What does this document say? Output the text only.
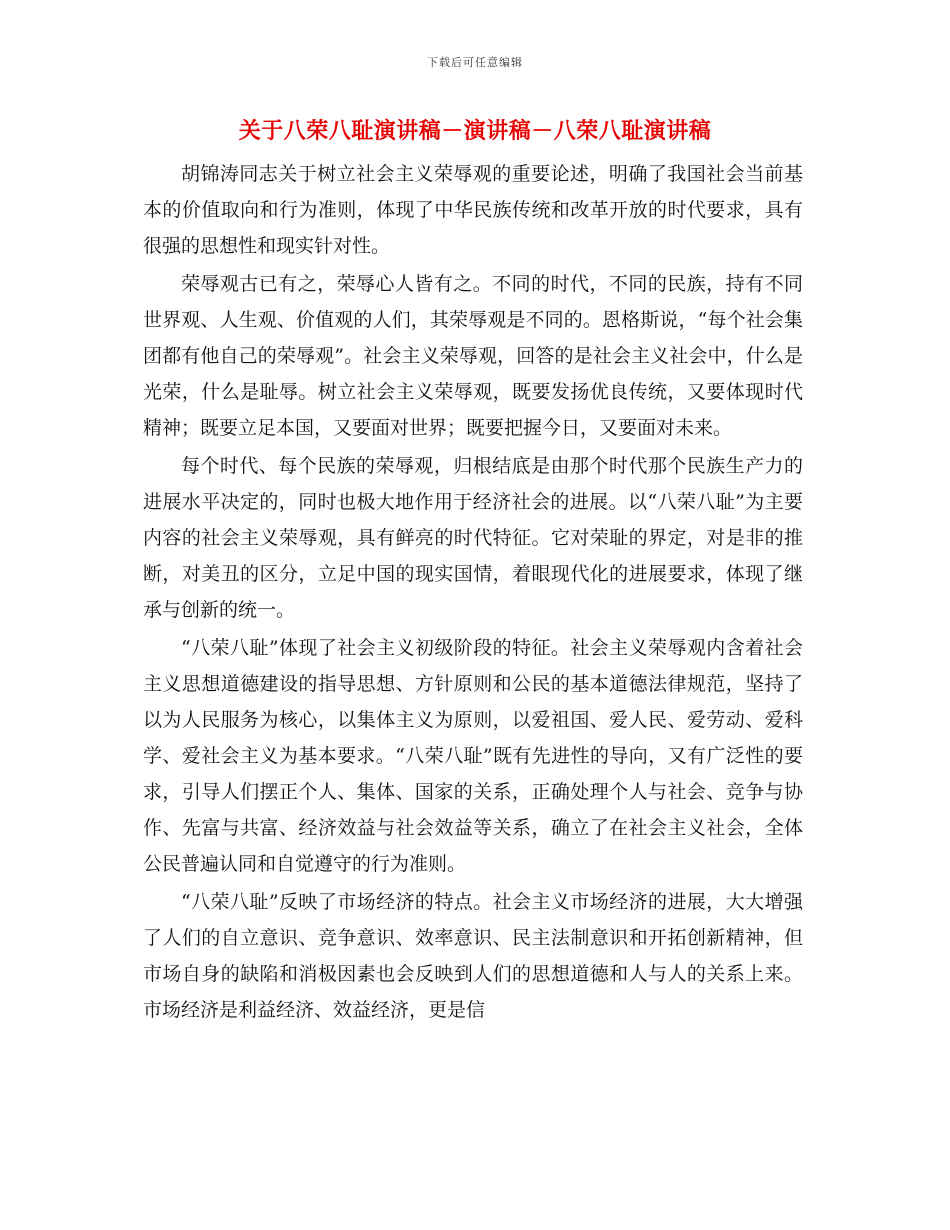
下载后可任意编辑
关于八荣八耻演讲稿－演讲稿－八荣八耻演讲稿

胡锦涛同志关于树立社会主义荣辱观的重要论述，明确了我国社会当前基本的价值取向和行为准则，体现了中华民族传统和改革开放的时代要求，具有很强的思想性和现实针对性。

荣辱观古已有之，荣辱心人皆有之。不同的时代，不同的民族，持有不同世界观、人生观、价值观的人们，其荣辱观是不同的。恩格斯说，“每个社会集团都有他自己的荣辱观”。社会主义荣辱观，回答的是社会主义社会中，什么是光荣，什么是耻辱。树立社会主义荣辱观，既要发扬优良传统，又要体现时代精神；既要立足本国，又要面对世界；既要把握今日，又要面对未来。

每个时代、每个民族的荣辱观，归根结底是由那个时代那个民族生产力的进展水平决定的，同时也极大地作用于经济社会的进展。以“八荣八耻”为主要内容的社会主义荣辱观，具有鲜亮的时代特征。它对荣耻的界定，对是非的推断，对美丑的区分，立足中国的现实国情，着眼现代化的进展要求，体现了继承与创新的统一。

“八荣八耻”体现了社会主义初级阶段的特征。社会主义荣辱观内含着社会主义思想道德建设的指导思想、方针原则和公民的基本道德法律规范，坚持了以为人民服务为核心，以集体主义为原则，以爱祖国、爱人民、爱劳动、爱科学、爱社会主义为基本要求。“八荣八耻”既有先进性的导向，又有广泛性的要求，引导人们摆正个人、集体、国家的关系，正确处理个人与社会、竞争与协作、先富与共富、经济效益与社会效益等关系，确立了在社会主义社会，全体公民普遍认同和自觉遵守的行为准则。

“八荣八耻”反映了市场经济的特点。社会主义市场经济的进展，大大增强了人们的自立意识、竞争意识、效率意识、民主法制意识和开拓创新精神，但市场自身的缺陷和消极因素也会反映到人们的思想道德和人与人的关系上来。市场经济是利益经济、效益经济，更是信
